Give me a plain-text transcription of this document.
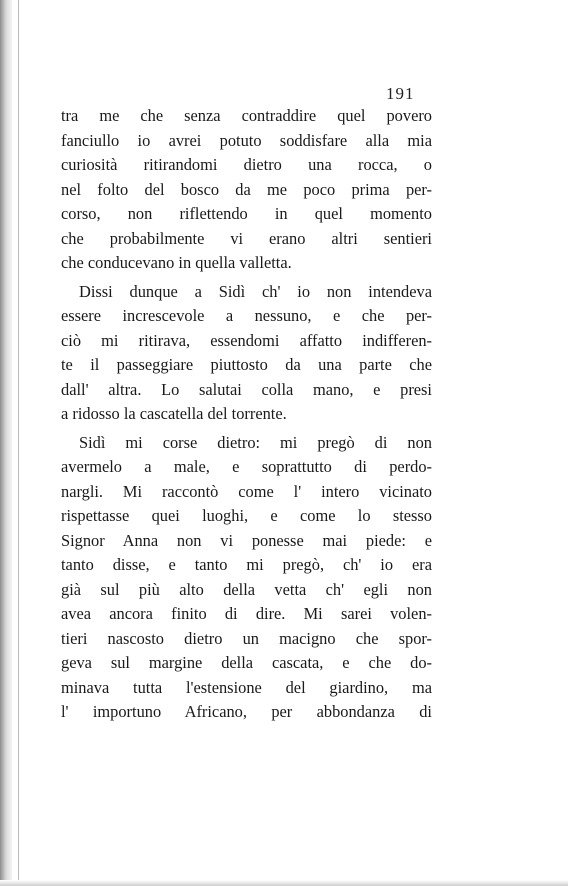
191
tra me che senza contraddire quel povero
fanciullo io avrei potuto soddisfare alla mia
curiosità ritirandomi dietro una rocca, o
nel folto del bosco da me poco prima per-
corso, non riflettendo in quel momento
che probabilmente vi erano altri sentieri
che conducevano in quella valletta.
Dissi dunque a Sidì ch' io non intendeva
essere increscevole a nessuno, e che per-
ciò mi ritirava, essendomi affatto indifferen-
te il passeggiare piuttosto da una parte che
dall' altra. Lo salutai colla mano, e presi
a ridosso la cascatella del torrente.
Sidì mi corse dietro: mi pregò di non
avermelo a male, e soprattutto di perdo-
nargli. Mi raccontò come l' intero vicinato
rispettasse quei luoghi, e come lo stesso
Signor Anna non vi ponesse mai piede: e
tanto disse, e tanto mi pregò, ch' io era
già sul più alto della vetta ch' egli non
avea ancora finito di dire. Mi sarei volen-
tieri nascosto dietro un macigno che spor-
geva sul margine della cascata, e che do-
minava tutta l'estensione del giardino, ma
l' importuno Africano, per abbondanza di
